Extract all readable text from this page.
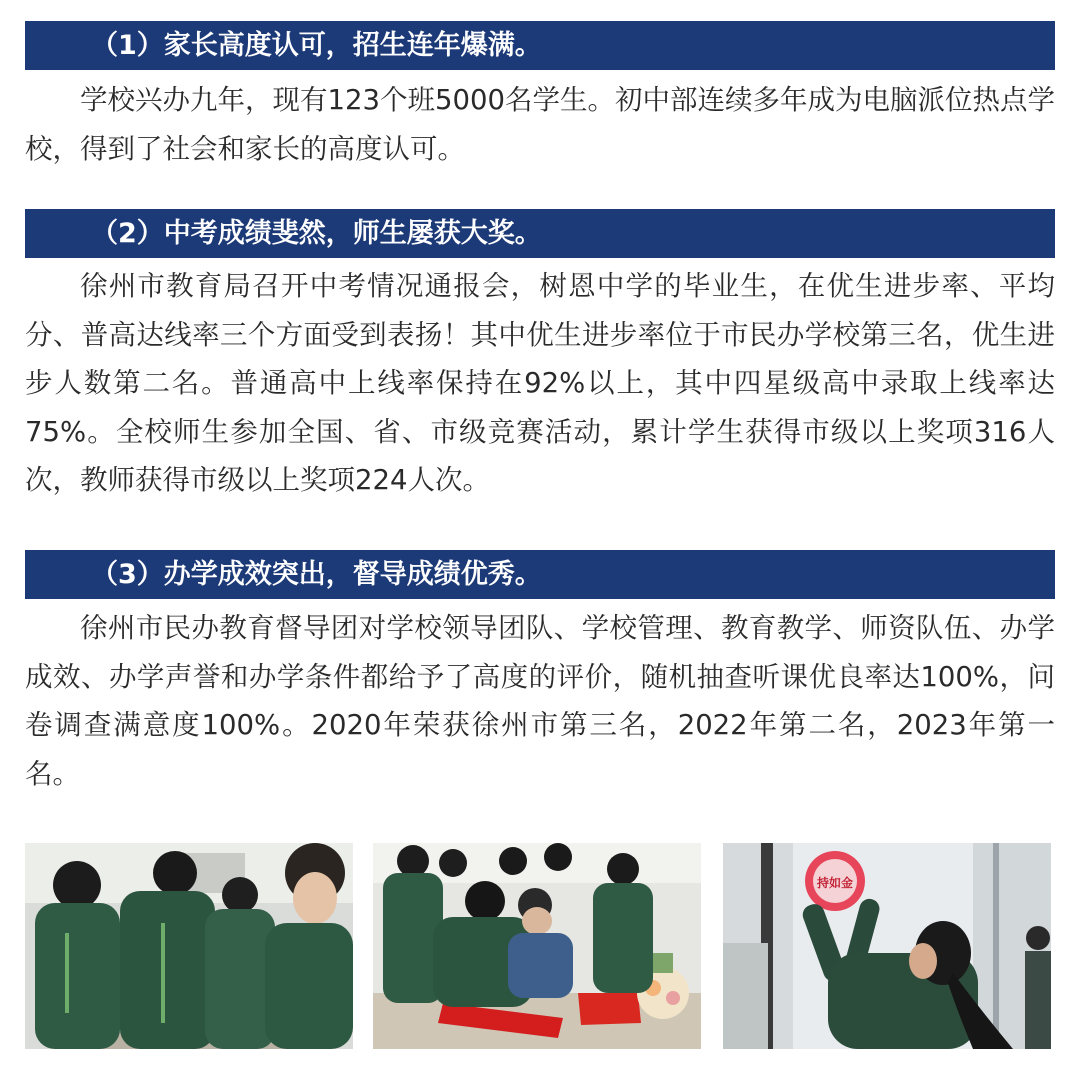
（1）家长高度认可，招生连年爆满。

学校兴办九年，现有123个班5000名学生。初中部连续多年成为电脑派位热点学校，得到了社会和家长的高度认可。

（2）中考成绩斐然，师生屡获大奖。

徐州市教育局召开中考情况通报会，树恩中学的毕业生，在优生进步率、平均分、普高达线率三个方面受到表扬！其中优生进步率位于市民办学校第三名，优生进步人数第二名。普通高中上线率保持在92%以上，其中四星级高中录取上线率达75%。全校师生参加全国、省、市级竞赛活动，累计学生获得市级以上奖项316人次，教师获得市级以上奖项224人次。

（3）办学成效突出，督导成绩优秀。

徐州市民办教育督导团对学校领导团队、学校管理、教育教学、师资队伍、办学成效、办学声誉和办学条件都给予了高度的评价，随机抽查听课优良率达100%，问卷调查满意度100%。2020年荣获徐州市第三名，2022年第二名，2023年第一名。

持如金
